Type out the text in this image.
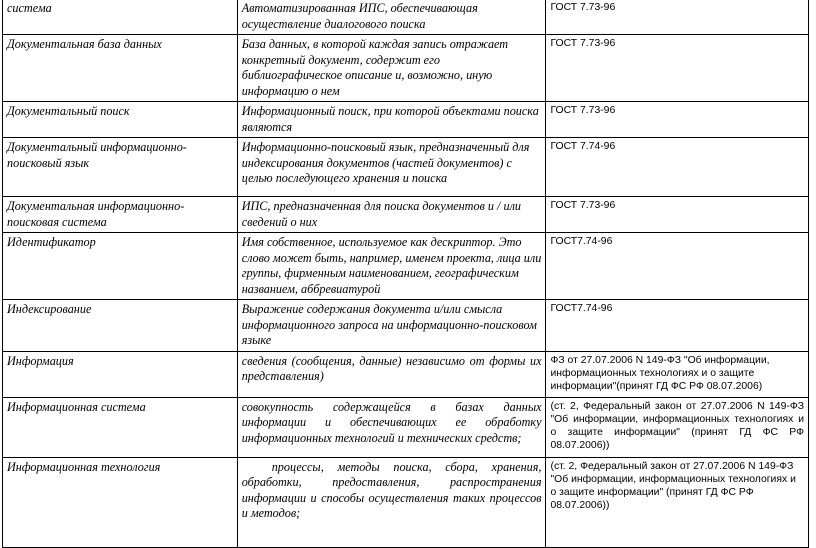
система	Автоматизированная ИПС, обеспечивающая осуществление диалогового поиска	ГОСТ 7.73-96
Документальная база данных	База данных, в которой каждая запись отражает конкретный документ, содержит его библиографическое описание и, возможно, иную информацию о нем	ГОСТ 7.73-96
Документальный поиск	Информационный поиск, при которой объектами поиска являются	ГОСТ 7.73-96
Документальный информационно-поисковый язык	Информационно-поисковый язык, предназначенный для индексирования документов (частей документов) с целью последующего хранения и поиска	ГОСТ 7.74-96
Документальная информационно-поисковая система	ИПС, предназначенная для поиска документов и / или сведений о них	ГОСТ 7.73-96
Идентификатор	Имя собственное, используемое как дескриптор. Это слово может быть, например, именем проекта, лица или группы, фирменным наименованием, географическим названием, аббревиатурой	ГОСТ7.74-96
Индексирование	Выражение содержания документа и/или смысла информационного запроса на информационно-поисковом языке	ГОСТ7.74-96
Информация	сведения (сообщения, данные) независимо от формы их представления)	ФЗ от 27.07.2006 N 149-ФЗ "Об информации, информационных технологиях и о защите информации"(принят ГД ФС РФ 08.07.2006)
Информационная система	совокупность содержащейся в базах данных информации и обеспечивающих ее обработку информационных технологий и технических средств;	(ст. 2, Федеральный закон от 27.07.2006 N 149-ФЗ "Об информации, информационных технологиях и о защите информации" (принят ГД ФС РФ 08.07.2006))
Информационная технология	процессы, методы поиска, сбора, хранения, обработки, предоставления, распространения информации и способы осуществления таких процессов и методов;	(ст. 2, Федеральный закон от 27.07.2006 N 149-ФЗ "Об информации, информационных технологиях и о защите информации" (принят ГД ФС РФ 08.07.2006))
